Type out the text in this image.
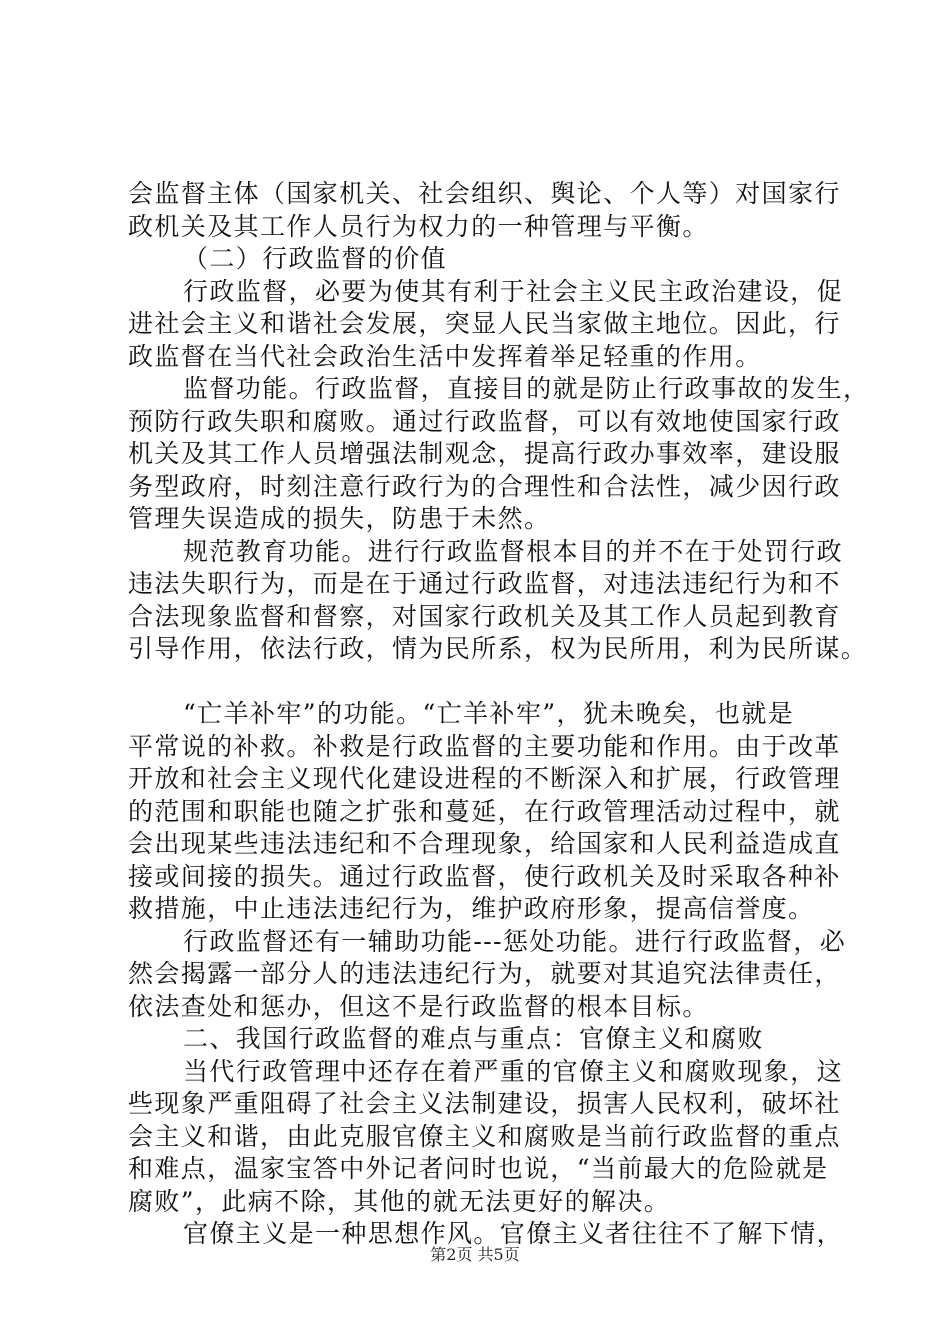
会监督主体（国家机关、社会组织、舆论、个人等）对国家行
政机关及其工作人员行为权力的一种管理与平衡。
（二）行政监督的价值
行政监督，必要为使其有利于社会主义民主政治建设，促
进社会主义和谐社会发展，突显人民当家做主地位。因此，行
政监督在当代社会政治生活中发挥着举足轻重的作用。
监督功能。行政监督，直接目的就是防止行政事故的发生，
预防行政失职和腐败。通过行政监督，可以有效地使国家行政
机关及其工作人员增强法制观念，提高行政办事效率，建设服
务型政府，时刻注意行政行为的合理性和合法性，减少因行政
管理失误造成的损失，防患于未然。
规范教育功能。进行行政监督根本目的并不在于处罚行政
违法失职行为，而是在于通过行政监督，对违法违纪行为和不
合法现象监督和督察，对国家行政机关及其工作人员起到教育
引导作用，依法行政，情为民所系，权为民所用，利为民所谋。
“亡羊补牢”的功能。“亡羊补牢”，犹未晚矣，也就是
平常说的补救。补救是行政监督的主要功能和作用。由于改革
开放和社会主义现代化建设进程的不断深入和扩展，行政管理
的范围和职能也随之扩张和蔓延，在行政管理活动过程中，就
会出现某些违法违纪和不合理现象，给国家和人民利益造成直
接或间接的损失。通过行政监督，使行政机关及时采取各种补
救措施，中止违法违纪行为，维护政府形象，提高信誉度。
行政监督还有一辅助功能---惩处功能。进行行政监督，必
然会揭露一部分人的违法违纪行为，就要对其追究法律责任，
依法查处和惩办，但这不是行政监督的根本目标。
二、我国行政监督的难点与重点：官僚主义和腐败
当代行政管理中还存在着严重的官僚主义和腐败现象，这
些现象严重阻碍了社会主义法制建设，损害人民权利，破坏社
会主义和谐，由此克服官僚主义和腐败是当前行政监督的重点
和难点，温家宝答中外记者问时也说，“当前最大的危险就是
腐败”，此病不除，其他的就无法更好的解决。
官僚主义是一种思想作风。官僚主义者往往不了解下情，
第2页 共5页
